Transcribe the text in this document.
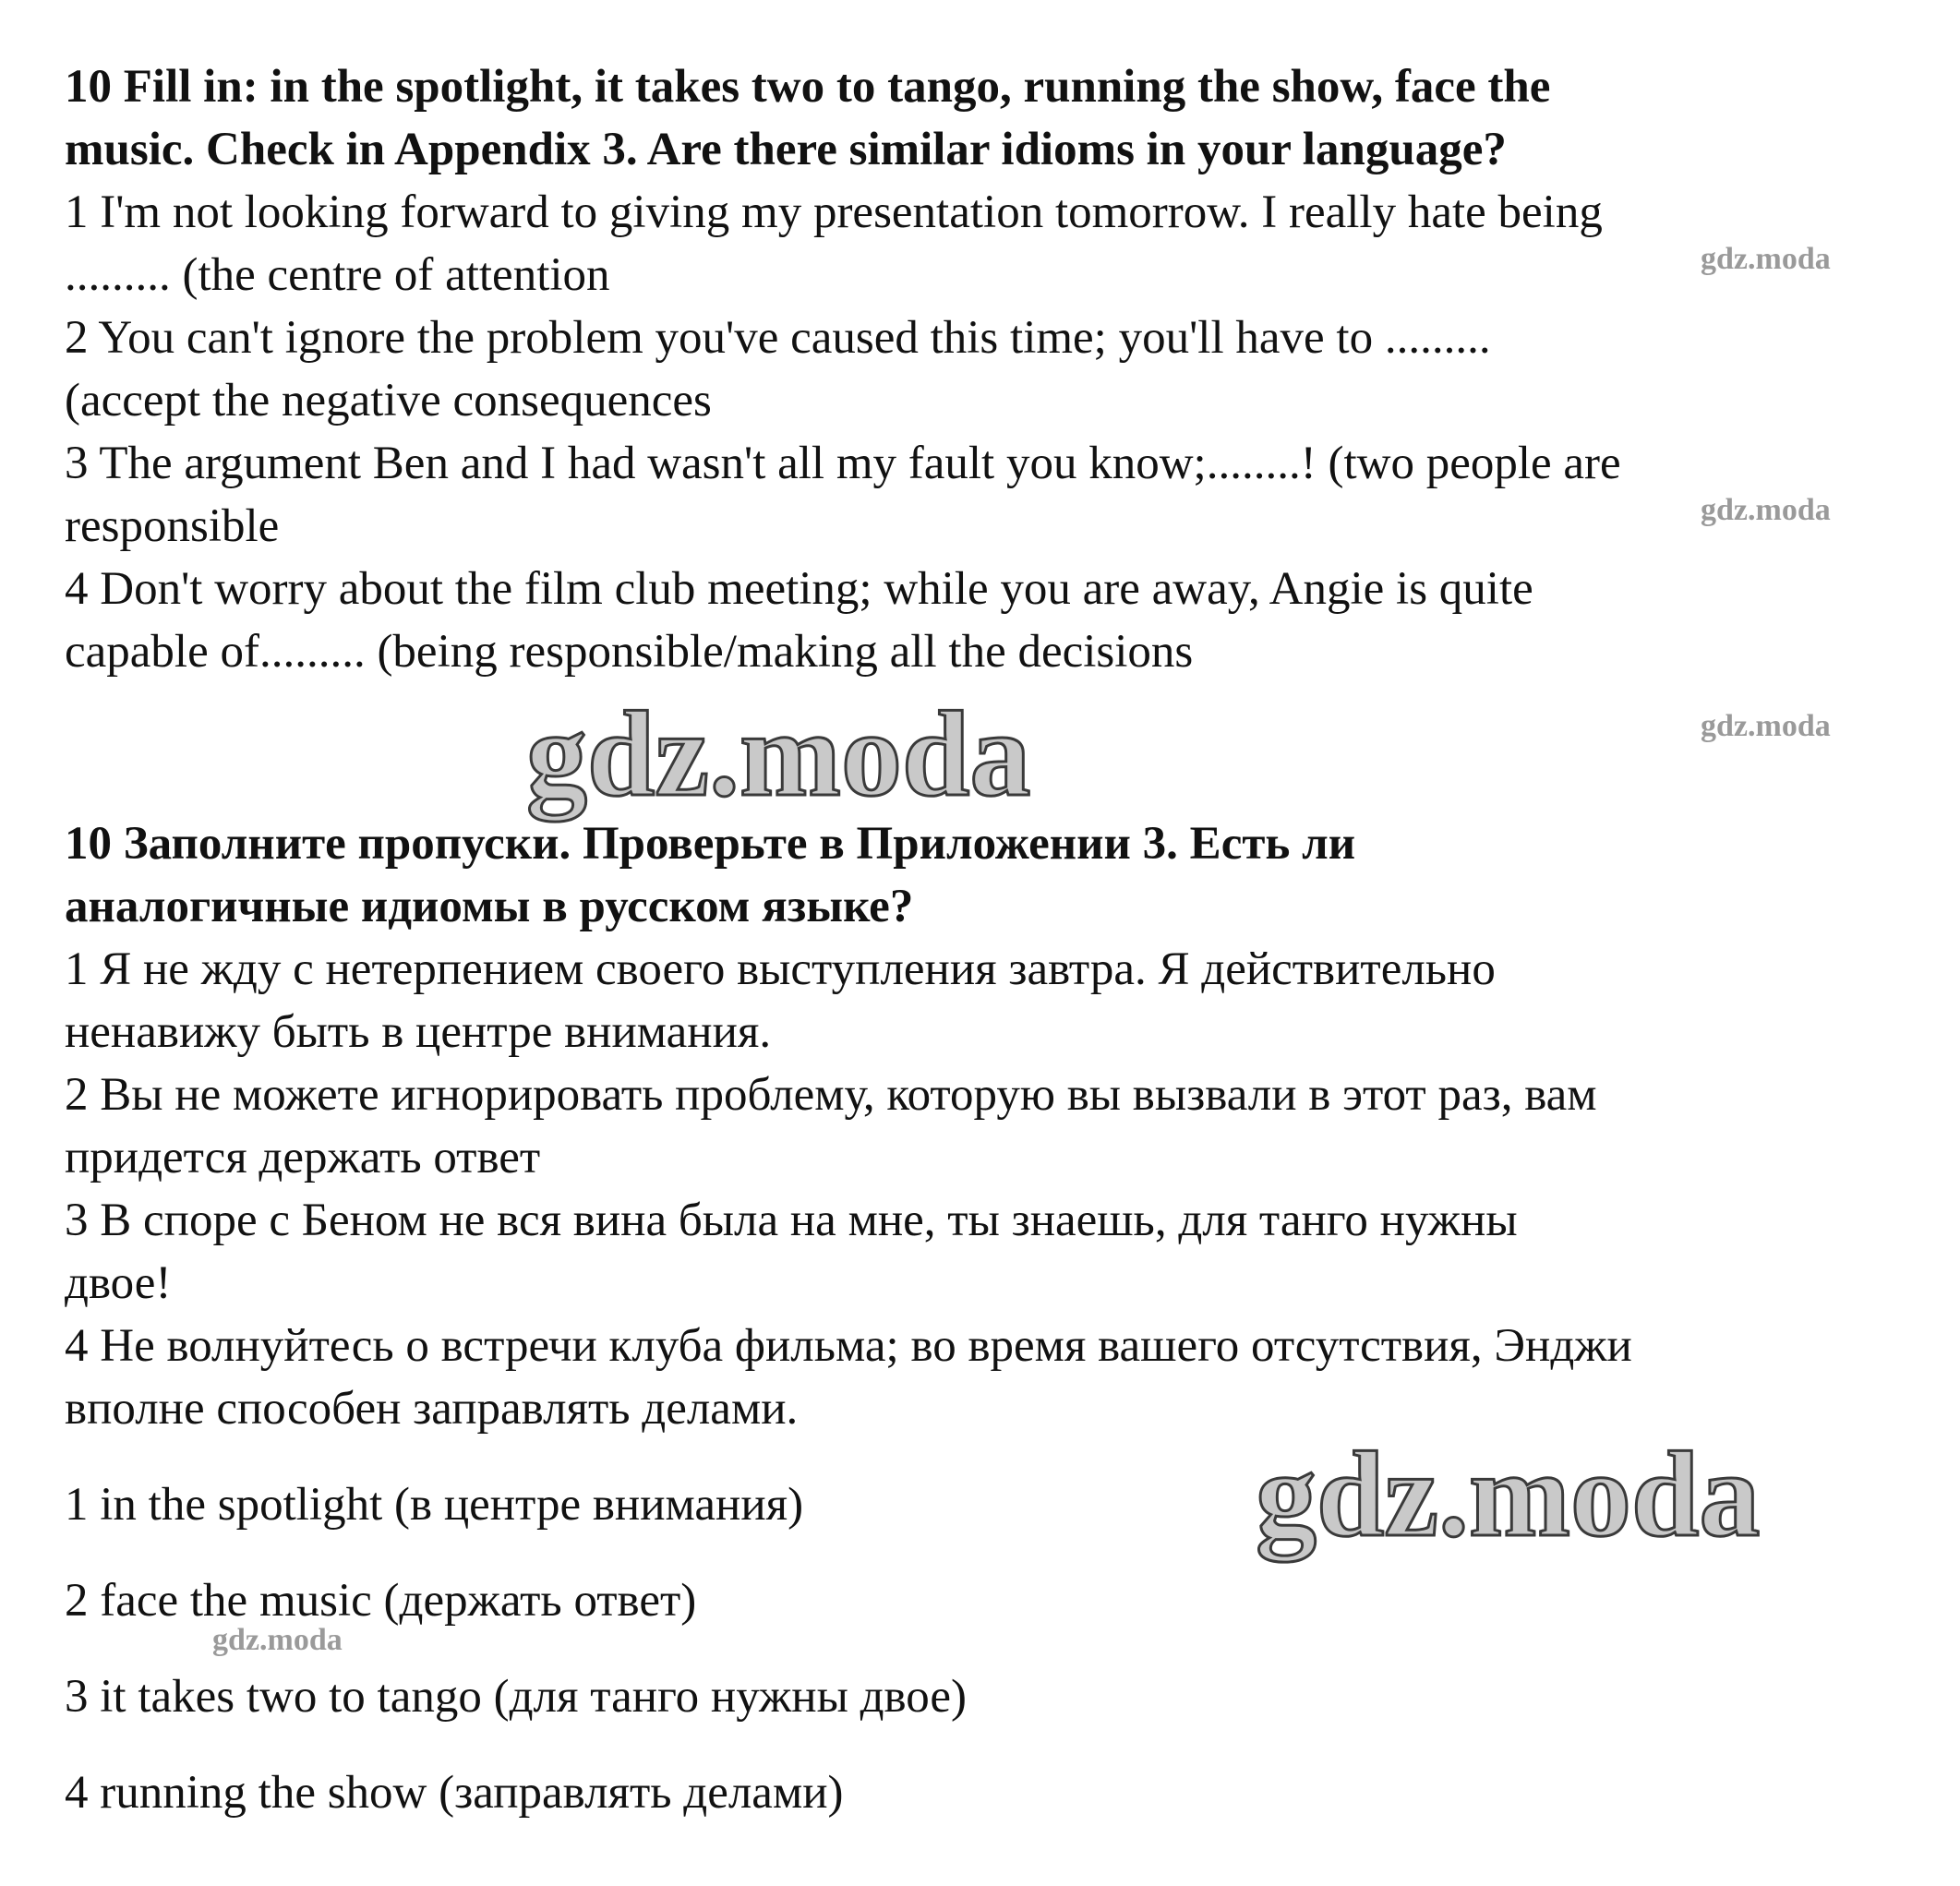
10 Fill in: in the spotlight, it takes two to tango, running the show, face the

music. Check in Appendix 3. Are there similar idioms in your language?

1 I'm not looking forward to giving my presentation tomorrow. I really hate being

......... (the centre of attention

2 You can't ignore the problem you've caused this time; you'll have to .........

(accept the negative consequences

3 The argument Ben and I had wasn't all my fault you know;........! (two people are

responsible

4 Don't worry about the film club meeting; while you are away, Angie is quite

capable of......... (being responsible/making all the decisions

10 Заполните пропуски. Проверьте в Приложении 3. Есть ли

аналогичные идиомы в русском языке?

1 Я не жду с нетерпением своего выступления завтра. Я действительно

ненавижу быть в центре внимания.

2 Вы не можете игнорировать проблему, которую вы вызвали в этот раз, вам

придется держать ответ

3 В споре с Беном не вся вина была на мне, ты знаешь, для танго нужны

двое!

4 Не волнуйтесь о встречи клуба фильма; во время вашего отсутствия, Энджи

вполне способен заправлять делами.

1 in the spotlight (в центре внимания)

2 face the music (держать ответ)

3 it takes two to tango (для танго нужны двое)

4 running the show (заправлять делами)

gdz.moda
gdz.moda
gdz.moda
gdz.moda
gdz.moda
gdz.moda
